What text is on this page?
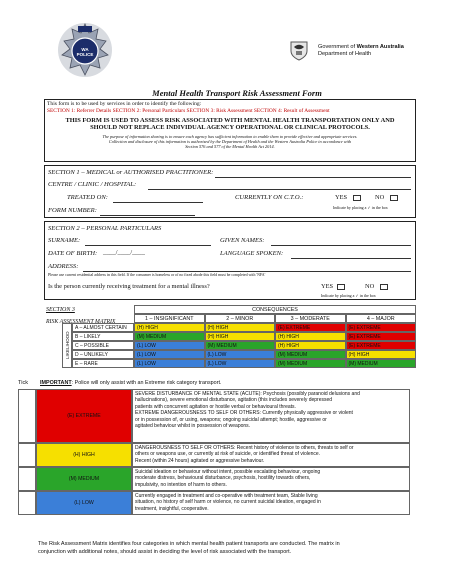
WA POLICE
Government of Western Australia
Department of Health
Mental Health Transport Risk Assessment Form
This form is to be used by services in order to identify the following:
SECTION 1: Referrer Details SECTION 2: Personal Particulars SECTION 3: Risk Assessment SECTION 4: Result of Assessment
THIS FORM IS USED TO ASSESS RISK ASSOCIATED WITH MENTAL HEALTH TRANSPORTATION ONLY AND
SHOULD NOT REPLACE INDIVIDUAL AGENCY OPERATIONAL OR CLINICAL PROTOCOLS.
The purpose of information sharing is to ensure each agency has sufficient information to enable them to provide effective and appropriate services.
Collection and disclosure of this information is authorised by the Department of Health and the Western Australia Police in accordance with
Section 576 and 577 of the Mental Health Act 2014.
SECTION 1 – MEDICAL or AUTHORISED PRACTITIONER:
CENTRE / CLINIC / HOSPITAL:
TREATED ON:	CURRENTLY ON C.T.O.:	YES	NO
FORM NUMBER:	Indicate by placing a ✓ in the box
SECTION 2 – PERSONAL PARTICULARS
SURNAME:	GIVEN NAMES:
DATE OF BIRTH: ____/____/____	LANGUAGE SPOKEN:
ADDRESS:
Please use current residential address in this field. If the consumer is homeless or of no fixed abode this field must be completed with 'NFA'
Is the person currently receiving treatment for a mental illness?	YES	NO
Indicate by placing a ✓ in the box
SECTION 3
RISK ASSESSMENT MATRIX
CONSEQUENCES
1 – INSIGNIFICANT	2 – MINOR	3 – MODERATE	4 – MAJOR
LIKELIHOOD
A – ALMOST CERTAIN	(H) HIGH	(H) HIGH	(E) EXTREME	(E) EXTREME
B – LIKELY	(M) MEDIUM	(H) HIGH	(H) HIGH	(E) EXTREME
C – POSSIBLE	(L) LOW	(M) MEDIUM	(H) HIGH	(E) EXTREME
D – UNLIKELY	(L) LOW	(L) LOW	(M) MEDIUM	(H) HIGH
E – RARE	(L) LOW	(L) LOW	(M) MEDIUM	(M) MEDIUM
Tick IMPORTANT: Police will only assist with an Extreme risk category transport.
(E) EXTREME
SEVERE DISTURBANCE OF MENTAL STATE (ACUTE): Psychosis (possibly paranoid delusions and
hallucinations), severe emotional disturbance, agitation (this includes severely depressed
patients with concurrent agitation or hostile verbal or behavioural threats.
EXTREME DANGEROUSNESS TO SELF OR OTHERS: Currently physically aggressive or violent
or in possession of, or using, weapons; ongoing suicidal attempt; hostile, aggressive or
agitated behaviour whilst in possession of weapons.
(H) HIGH
DANGEROUSNESS TO SELF OR OTHERS: Recent history of violence to others, threats to self or
others or weapons use, or currently at risk of suicide, or identified threat of violence.
Recent (within 24 hours) agitated or aggressive behaviour.
(M) MEDIUM
Suicidal ideation or behaviour without intent, possible escalating behaviour, ongoing
moderate distress, behavioural disturbance, psychosis, hostility towards others,
impulsivity, no intention of harm to others.
(L) LOW
Currently engaged in treatment and co-operative with treatment team, Stable living
situation, no history of self harm or violence, no current suicidal ideation, engaged in
treatment, insightful, cooperative.
The Risk Assessment Matrix identifies four categories in which mental health patient transports are conducted. The matrix in
conjunction with additional notes, should assist in deciding the level of risk associated with the transport.
